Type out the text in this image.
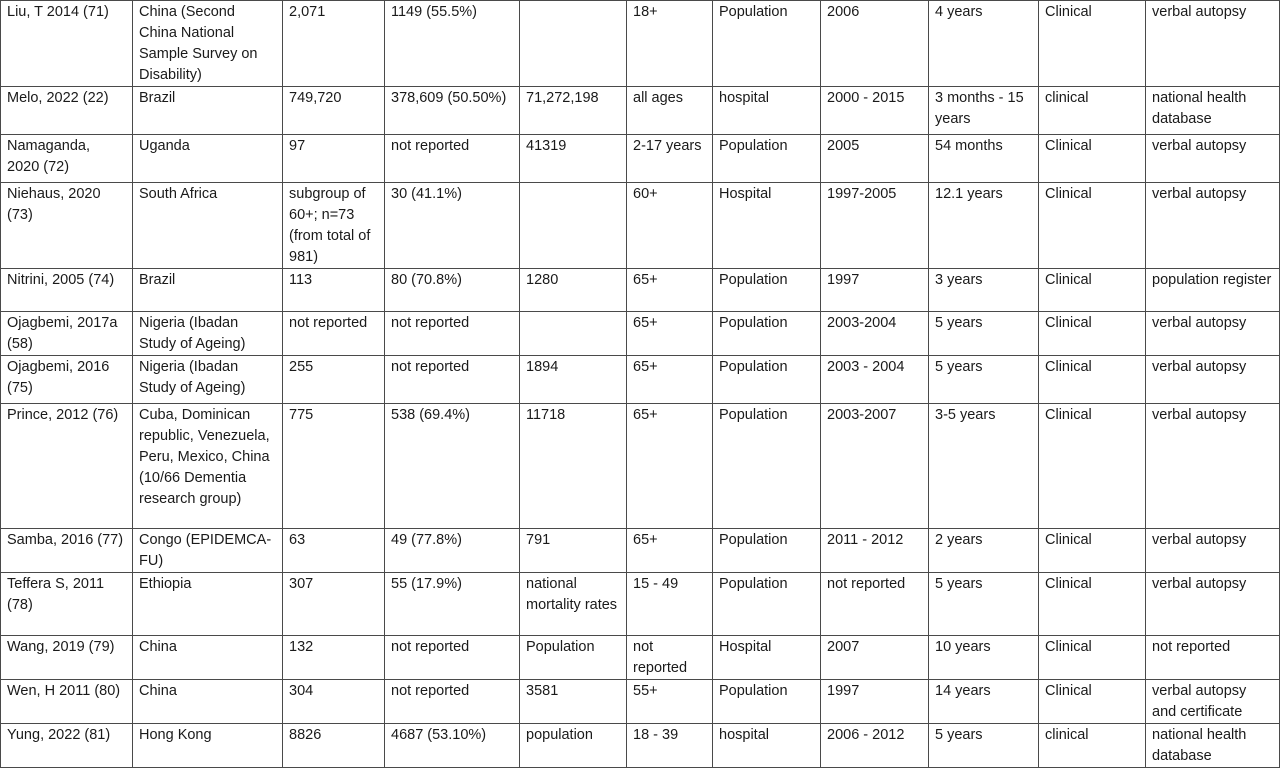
Liu, T 2014 (71)	China (Second China National Sample Survey on Disability)	2,071	1149 (55.5%)		18+	Population	2006	4 years	Clinical	verbal autopsy
Melo, 2022 (22)	Brazil	749,720	378,609 (50.50%)	71,272,198	all ages	hospital	2000 - 2015	3 months - 15 years	clinical	national health database
Namaganda, 2020 (72)	Uganda	97	not reported	41319	2-17 years	Population	2005	54 months	Clinical	verbal autopsy
Niehaus, 2020 (73)	South Africa	subgroup of 60+; n=73 (from total of 981)	30 (41.1%)		60+	Hospital	1997-2005	12.1 years	Clinical	verbal autopsy
Nitrini, 2005 (74)	Brazil	113	80 (70.8%)	1280	65+	Population	1997	3 years	Clinical	population register
Ojagbemi, 2017a (58)	Nigeria (Ibadan Study of Ageing)	not reported	not reported		65+	Population	2003-2004	5 years	Clinical	verbal autopsy
Ojagbemi, 2016 (75)	Nigeria (Ibadan Study of Ageing)	255	not reported	1894	65+	Population	2003 - 2004	5 years	Clinical	verbal autopsy
Prince, 2012 (76)	Cuba, Dominican republic, Venezuela, Peru, Mexico, China (10/66 Dementia research group)	775	538 (69.4%)	11718	65+	Population	2003-2007	3-5 years	Clinical	verbal autopsy
Samba, 2016 (77)	Congo (EPIDEMCA-FU)	63	49 (77.8%)	791	65+	Population	2011 - 2012	2 years	Clinical	verbal autopsy
Teffera S, 2011 (78)	Ethiopia	307	55 (17.9%)	national mortality rates	15 - 49	Population	not reported	5 years	Clinical	verbal autopsy
Wang, 2019 (79)	China	132	not reported	Population	not reported	Hospital	2007	10 years	Clinical	not reported
Wen, H 2011 (80)	China	304	not reported	3581	55+	Population	1997	14 years	Clinical	verbal autopsy and certificate
Yung, 2022 (81)	Hong Kong	8826	4687 (53.10%)	population	18 - 39	hospital	2006 - 2012	5 years	clinical	national health database
